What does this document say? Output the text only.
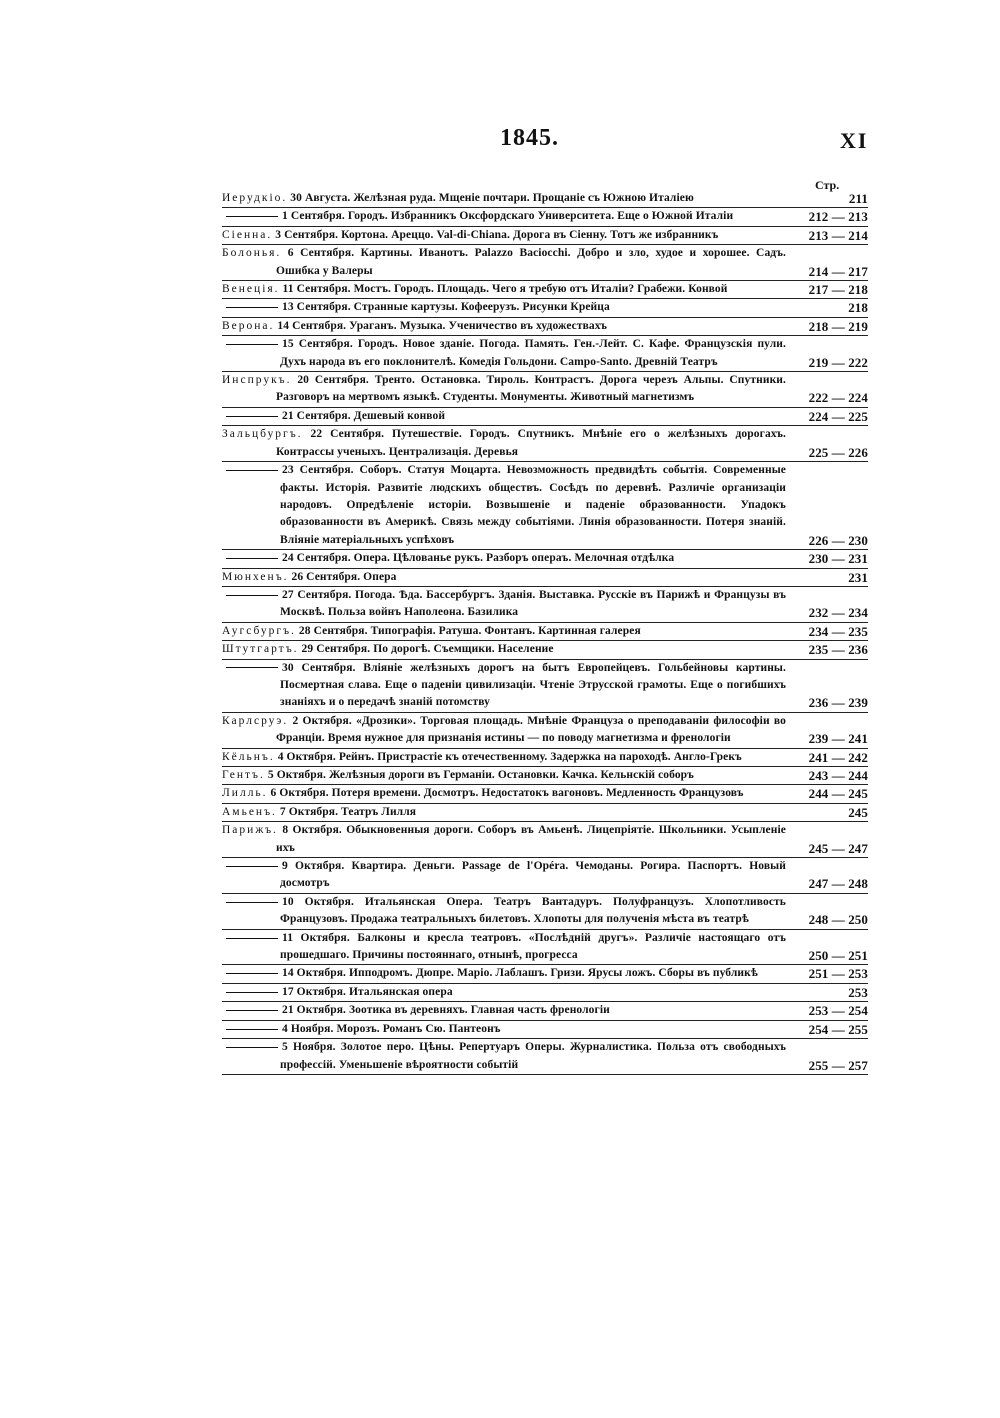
1845.	XI
Стр.
Иерудкіо. 30 Августа. Желѣзная руда. Мщеніе почтари. Прощаніе съ Южною Италіею	211
1 Сентября. Городъ. Избранникъ Оксфордскаго Университета. Еще о Южной Италіи	212 — 213
Сіенна. 3 Сентября. Кортона. Ареццо. Val-di-Chiana. Дорога въ Сіенну. Тотъ же избранникъ	213 — 214
Болонья. 6 Сентября. Картины. Иванотъ. Palazzo Baciocchi. Добро и зло, худое и хорошее. Садъ. Ошибка у Валеры	214 — 217
Венеція. 11 Сентября. Мостъ. Городъ. Площадь. Чего я требую отъ Италіи? Грабежи. Конвой	217 — 218
13 Сентября. Странные картузы. Кофеерузъ. Рисунки Крейца	218
Верона. 14 Сентября. Ураганъ. Музыка. Ученичество въ художествахъ	218 — 219
15 Сентября. Городъ. Новое зданіе. Погода. Память. Ген.-Лейт. С. Кафе. Французскія пули. Духъ народа въ его поклонителѣ. Комедія Гольдони. Campo-Santo. Древній Театръ	219 — 222
Инспрукъ. 20 Сентября. Тренто. Остановка. Тироль. Контрастъ. Дорога черезъ Альпы. Спутники. Разговоръ на мертвомъ языкѣ. Студенты. Монументы. Животный магнетизмъ	222 — 224
21 Сентября. Дешевый конвой	224 — 225
Зальцбургъ. 22 Сентября. Путешествіе. Городъ. Спутникъ. Мнѣніе его о желѣзныхъ дорогахъ. Контрассы ученыхъ. Централизація. Деревья	225 — 226
23 Сентября. Соборъ. Статуя Моцарта. Невозможность предвидѣть событія. Современные факты. Исторія. Развитіе людскихъ обществъ. Сосѣдъ по деревнѣ. Различіе организаціи народовъ. Опредѣленіе исторіи. Возвышеніе и паденіе образованности. Упадокъ образованности въ Америкѣ. Связь между событіями. Линія образованности. Потеря знаній. Вліяніе матеріальныхъ успѣховъ	226 — 230
24 Сентября. Опера. Цѣлованье рукъ. Разборъ операъ. Мелочная отдѣлка	230 — 231
Мюнхенъ. 26 Сентября. Опера	231
27 Сентября. Погода. Ѣда. Бассербургъ. Зданія. Выставка. Русскіе въ Парижѣ и Французы въ Москвѣ. Польза войнъ Наполеона. Базилика	232 — 234
Аугсбургъ. 28 Сентября. Типографія. Ратуша. Фонтанъ. Картинная галерея	234 — 235
Штутгартъ. 29 Сентября. По дорогѣ. Съемщики. Население	235 — 236
30 Сентября. Вліяніе желѣзныхъ дорогъ на бытъ Европейцевъ. Гольбейновы картины. Посмертная слава. Еще о паденіи цивилизаціи. Чтеніе Этрусской грамоты. Еще о погибшихъ знаніяхъ и о передачѣ знаній потомству	236 — 239
Карлсруэ. 2 Октября. «Дрозики». Торговая площадь. Мнѣніе Француза о преподаваніи философіи во Франціи. Время нужное для признанія истины — по поводу магнетизма и френологіи	239 — 241
Кёльнъ. 4 Октября. Рейнъ. Пристрастіе къ отечественному. Задержка на пароходѣ. Англо-Грекъ	241 — 242
Гентъ. 5 Октября. Желѣзныя дороги въ Германіи. Остановки. Качка. Кельнскій соборъ	243 — 244
Лилль. 6 Октября. Потеря времени. Досмотръ. Недостатокъ вагоновъ. Медленность Французовъ	244 — 245
Амьенъ. 7 Октября. Театръ Лилля	245
Парижъ. 8 Октября. Обыкновенныя дороги. Соборъ въ Амьенѣ. Лицепріятіе. Школьники. Усыпленіе ихъ	245 — 247
9 Октября. Квартира. Деньги. Passage de l'Opéra. Чемоданы. Рогира. Паспортъ. Новый досмотръ	247 — 248
10 Октября. Итальянская Опера. Театръ Вантадуръ. Полуфранцузъ. Хлопотливость Французовъ. Продажа театральныхъ билетовъ. Хлопоты для полученія мѣста въ театрѣ	248 — 250
11 Октября. Балконы и кресла театровъ. «Послѣдній другъ». Различіе настоящаго отъ прошедшаго. Причины постояннаго, отнынѣ, прогресса	250 — 251
14 Октября. Ипподромъ. Дюпре. Маріо. Лаблашъ. Гризи. Ярусы ложъ. Сборы въ публикѣ	251 — 253
17 Октября. Итальянская опера	253
21 Октября. Зоотика въ деревняхъ. Главная часть френологіи	253 — 254
4 Ноября. Морозъ. Романъ Сю. Пантеонъ	254 — 255
5 Ноября. Золотое перо. Цѣны. Репертуаръ Оперы. Журналистика. Польза отъ свободныхъ профессій. Уменьшеніе вѣроятности событій	255 — 257
